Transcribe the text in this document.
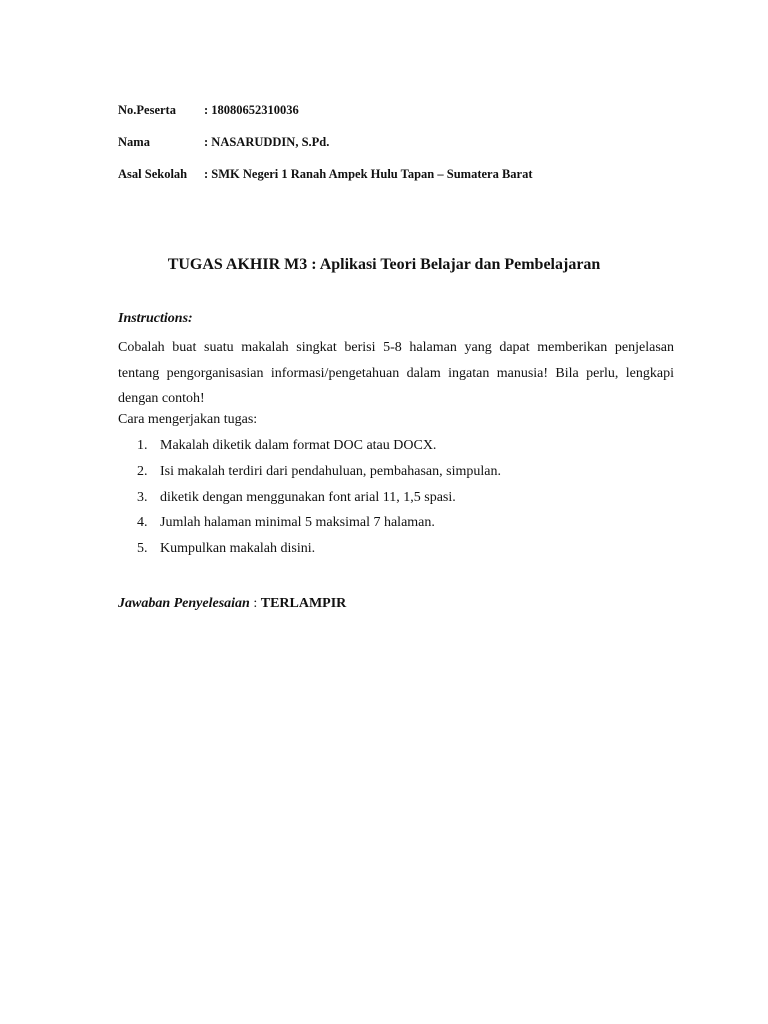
No.Peserta : 18080652310036
Nama	: NASARUDDIN, S.Pd.
Asal Sekolah : SMK Negeri 1 Ranah Ampek Hulu Tapan – Sumatera Barat
TUGAS AKHIR M3 : Aplikasi Teori Belajar dan Pembelajaran
Instructions:
Cobalah buat suatu makalah singkat berisi 5-8 halaman yang dapat memberikan penjelasan
tentang pengorganisasian informasi/pengetahuan dalam ingatan manusia! Bila perlu, lengkapi
dengan contoh!
Cara mengerjakan tugas:
1. Makalah diketik dalam format DOC atau DOCX.
2. Isi makalah terdiri dari pendahuluan, pembahasan, simpulan.
3. diketik dengan menggunakan font arial 11, 1,5 spasi.
4. Jumlah halaman minimal 5 maksimal 7 halaman.
5. Kumpulkan makalah disini.
Jawaban Penyelesaian : TERLAMPIR
